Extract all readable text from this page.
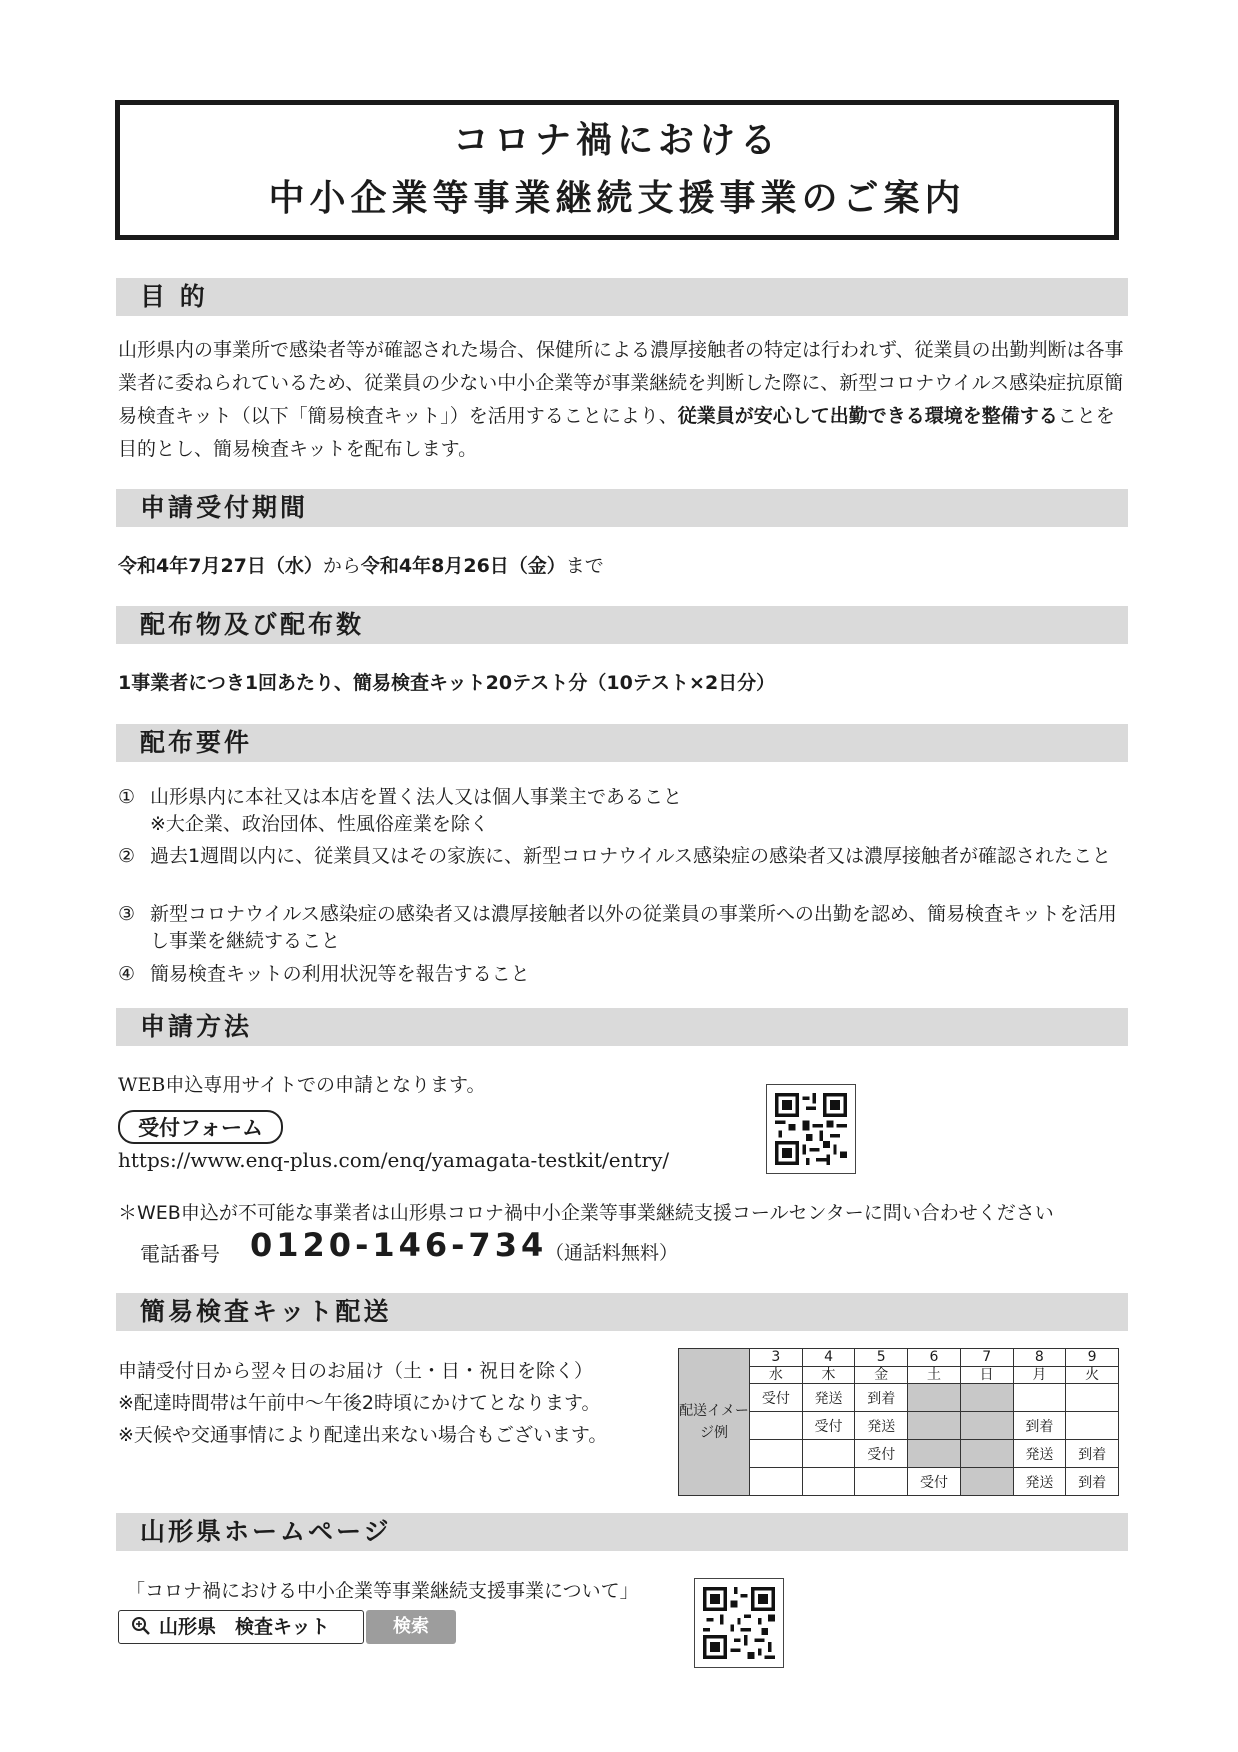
コロナ禍における
中小企業等事業継続支援事業のご案内
目 的
山形県内の事業所で感染者等が確認された場合、保健所による濃厚接触者の特定は行われず、従業員の出勤判断は各事業者に委ねられているため、従業員の少ない中小企業等が事業継続を判断した際に、新型コロナウイルス感染症抗原簡易検査キット（以下「簡易検査キット」）を活用することにより、従業員が安心して出勤できる環境を整備することを目的とし、簡易検査キットを配布します。
申請受付期間
令和4年7月27日（水）から令和4年8月26日（金）まで
配布物及び配布数
1事業者につき1回あたり、簡易検査キット20テスト分（10テスト×2日分）
配布要件
① 山形県内に本社又は本店を置く法人又は個人事業主であること
※大企業、政治団体、性風俗産業を除く
② 過去1週間以内に、従業員又はその家族に、新型コロナウイルス感染症の感染者又は濃厚接触者が確認されたこと
③ 新型コロナウイルス感染症の感染者又は濃厚接触者以外の従業員の事業所への出勤を認め、簡易検査キットを活用し事業を継続すること
④ 簡易検査キットの利用状況等を報告すること
申請方法
WEB申込専用サイトでの申請となります。
受付フォーム
https://www.enq-plus.com/enq/yamagata-testkit/entry/
＊WEB申込が不可能な事業者は山形県コロナ禍中小企業等事業継続支援コールセンターに問い合わせください
電話番号 0120-146-734
（通話料無料）
簡易検査キット配送
申請受付日から翌々日のお届け（土・日・祝日を除く）
※配達時間帯は午前中～午後2時頃にかけてとなります。
※天候や交通事情により配達出来ない場合もございます。
配送イメージ例	3	4	5	6	7	8	9
	水	木	金	土	日	月	火
	受付	発送	到着				
		受付	発送			到着	
			受付			発送	到着
				受付		発送	到着
山形県ホームページ
「コロナ禍における中小企業等事業継続支援事業について」
山形県　検査キット	検索
